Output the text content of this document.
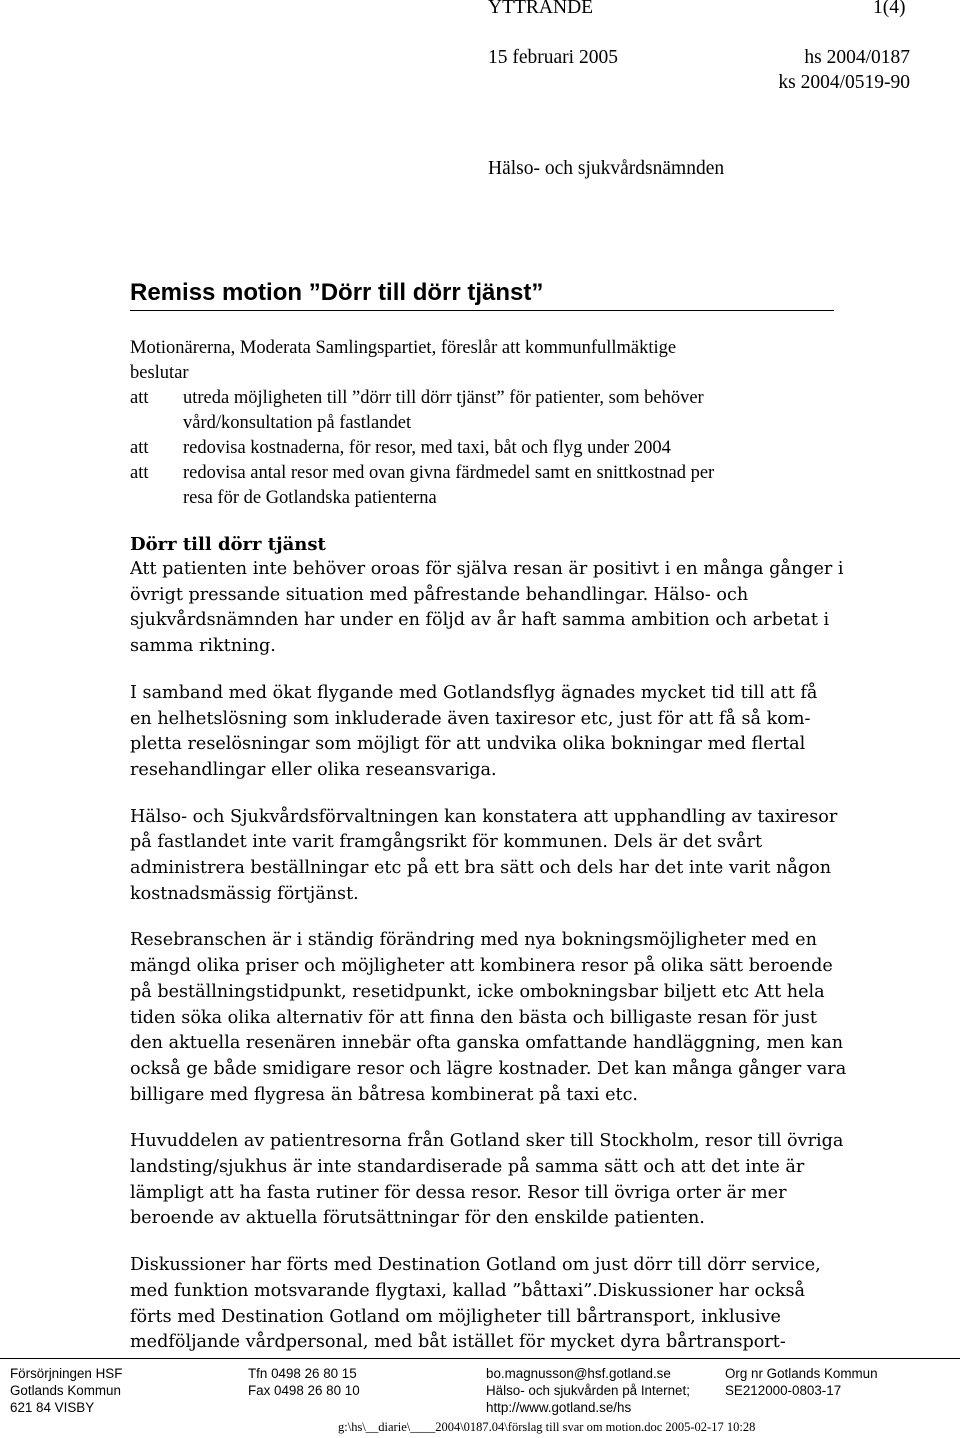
YTTRANDE	1(4)
15 februari 2005	hs 2004/0187
ks 2004/0519-90
Hälso- och sjukvårdsnämnden
Remiss motion ”Dörr till dörr tjänst”
Motionärerna, Moderata Samlingspartiet, föreslår att kommunfullmäktige
beslutar
att	utreda möjligheten till ”dörr till dörr tjänst” för patienter, som behöver
vård/konsultation på fastlandet
att	redovisa kostnaderna, för resor, med taxi, båt och flyg under 2004
att	redovisa antal resor med ovan givna färdmedel samt en snittkostnad per
resa för de Gotlandska patienterna
Dörr till dörr tjänst
Att patienten inte behöver oroas för själva resan är positivt i en många gånger i
övrigt pressande situation med påfrestande behandlingar. Hälso- och
sjukvårdsnämnden har under en följd av år haft samma ambition och arbetat i
samma riktning.
I samband med ökat flygande med Gotlandsflyg ägnades mycket tid till att få
en helhetslösning som inkluderade även taxiresor etc, just för att få så kom-
pletta reselösningar som möjligt för att undvika olika bokningar med flertal
resehandlingar eller olika reseansvariga.
Hälso- och Sjukvårdsförvaltningen kan konstatera att upphandling av taxiresor
på fastlandet inte varit framgångsrikt för kommunen. Dels är det svårt
administrera beställningar etc på ett bra sätt och dels har det inte varit någon
kostnadsmässig förtjänst.
Resebranschen är i ständig förändring med nya bokningsmöjligheter med en
mängd olika priser och möjligheter att kombinera resor på olika sätt beroende
på beställningstidpunkt, resetidpunkt, icke ombokningsbar biljett etc Att hela
tiden söka olika alternativ för att finna den bästa och billigaste resan för just
den aktuella resenären innebär ofta ganska omfattande handläggning, men kan
också ge både smidigare resor och lägre kostnader. Det kan många gånger vara
billigare med flygresa än båtresa kombinerat på taxi etc.
Huvuddelen av patientresorna från Gotland sker till Stockholm, resor till övriga
landsting/sjukhus är inte standardiserade på samma sätt och att det inte är
lämpligt att ha fasta rutiner för dessa resor. Resor till övriga orter är mer
beroende av aktuella förutsättningar för den enskilde patienten.
Diskussioner har förts med Destination Gotland om just dörr till dörr service,
med funktion motsvarande flygtaxi, kallad ”båttaxi”.Diskussioner har också
förts med Destination Gotland om möjligheter till bårtransport, inklusive
medföljande vårdpersonal, med båt istället för mycket dyra bårtransport-
Försörjningen HSF
Gotlands Kommun
621 84 VISBY
Tfn 0498 26 80 15
Fax 0498 26 80 10
bo.magnusson@hsf.gotland.se
Hälso- och sjukvården på Internet;
http://www.gotland.se/hs
Org nr Gotlands Kommun
SE212000-0803-17
g:\hs\__diarie\____2004\0187.04\förslag till svar om motion.doc 2005-02-17 10:28
